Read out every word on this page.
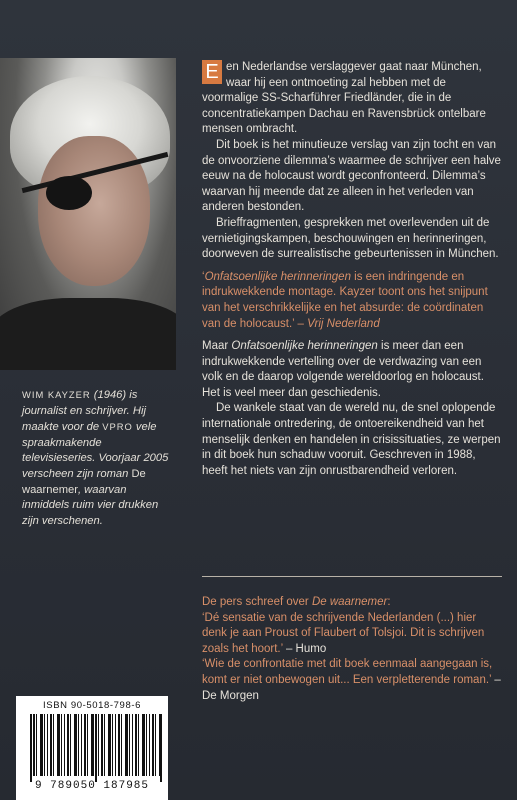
WIM KAYZER (1946) is journalist en schrijver. Hij maakte voor de VPRO vele spraakmakende televisieseries. Voorjaar 2005 verscheen zijn roman De waarnemer, waarvan inmiddels ruim vier drukken zijn verschenen.

E en Nederlandse verslaggever gaat naar München, waar hij een ontmoeting zal hebben met de voormalige SS-Scharführer Friedländer, die in de concentratiekampen Dachau en Ravensbrück ontelbare mensen ombracht.

Dit boek is het minutieuze verslag van zijn tocht en van de onvoorziene dilemma’s waarmee de schrijver een halve eeuw na de holocaust wordt geconfronteerd. Dilemma’s waarvan hij meende dat ze alleen in het verleden van anderen bestonden.

Brieffragmenten, gesprekken met overlevenden uit de vernietigingskampen, beschouwingen en herinneringen, doorweven de surrealistische gebeurtenissen in München.

‘Onfatsoenlijke herinneringen is een indringende en indrukwekkende montage. Kayzer toont ons het snijpunt van het verschrikkelijke en het absurde: de coördinaten van de holocaust.’ – Vrij Nederland

Maar Onfatsoenlijke herinneringen is meer dan een indrukwekkende vertelling over de verdwazing van een volk en de daarop volgende wereldoorlog en holocaust. Het is veel meer dan geschiedenis.

De wankele staat van de wereld nu, de snel oplopende internationale ontredering, de ontoereikendheid van het menselijk denken en handelen in crisissituaties, ze werpen in dit boek hun schaduw vooruit. Geschreven in 1988, heeft het niets van zijn onrustbarendheid verloren.

De pers schreef over De waarnemer:

‘Dé sensatie van de schrijvende Nederlanden (...) hier denk je aan Proust of Flaubert of Tolsjoi. Dit is schrijven zoals het hoort.’ – Humo

‘Wie de confrontatie met dit boek eenmaal aangegaan is, komt er niet onbewogen uit... Een verpletterende roman.’ – De Morgen

ISBN 90-5018-798-6
9 789050 187985
